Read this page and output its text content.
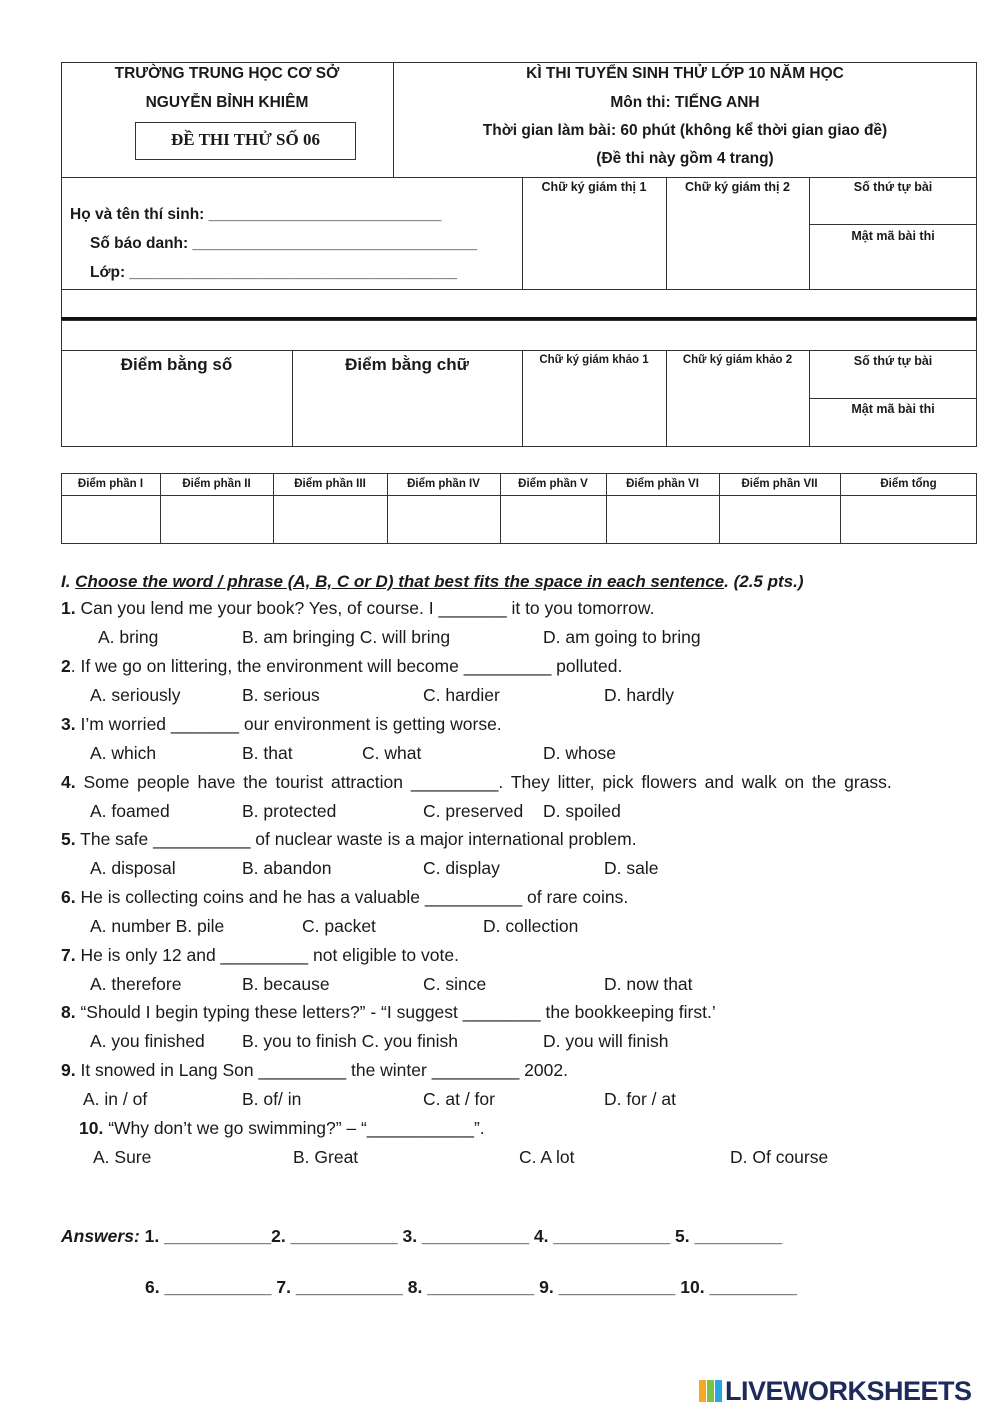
TRƯỜNG TRUNG HỌC CƠ SỞ
NGUYỄN BỈNH KHIÊM
ĐỀ THI THỬ SỐ 06
KÌ THI TUYỂN SINH THỬ LỚP 10 NĂM HỌC
Môn thi: TIẾNG ANH
Thời gian làm bài: 60 phút (không kể thời gian giao đề)
(Đề thi này gồm 4 trang)
Họ và tên thí sinh: ___________________________
Số báo danh: _________________________________
Lớp: ______________________________________
Chữ ký giám thị 1	Chữ ký giám thị 2	Số thứ tự bài
Mật mã bài thi
Điểm bằng số	Điểm bằng chữ	Chữ ký giám khảo 1	Chữ ký giám khảo 2	Số thứ tự bài
Mật mã bài thi
Điểm phần I	Điểm phần II	Điểm phần III	Điểm phần IV	Điểm phần V	Điểm phần VI	Điểm phần VII	Điểm tổng
I. Choose the word / phrase (A, B, C or D) that best fits the space in each sentence. (2.5 pts.)
1. Can you lend me your book? Yes, of course. I _______ it to you tomorrow.
A. bring	B. am bringing C. will bring	D. am going to bring
2. If we go on littering, the environment will become _________ polluted.
A. seriously	B. serious	C. hardier	D. hardly
3. I’m worried _______ our environment is getting worse.
A. which	B. that	C. what	D. whose
4. Some people have the tourist attraction _________. They litter, pick flowers and walk on the grass.
A. foamed	B. protected	C. preserved D. spoiled
5. The safe __________ of nuclear waste is a major international problem.
A. disposal	B. abandon	C. display	D. sale
6. He is collecting coins and he has a valuable __________ of rare coins.
A. number B. pile	C. packet	D. collection
7. He is only 12 and _________ not eligible to vote.
A. therefore	B. because	C. since	D. now that
8. “Should I begin typing these letters?” - “I suggest ________ the bookkeeping first.’
A. you finished B. you to finish C. you finish	D. you will finish
9. It snowed in Lang Son _________ the winter _________ 2002.
A. in / of	B. of/ in	C. at / for	D. for / at
10. “Why don’t we go swimming?” – “___________”.
A. Sure	B. Great	C. A lot	D. Of course
Answers: 1. ___________2. ___________ 3. ___________ 4. ____________ 5. _________
6. ___________ 7. ___________ 8. ___________ 9. ____________ 10. _________
LIVEWORKSHEETS
